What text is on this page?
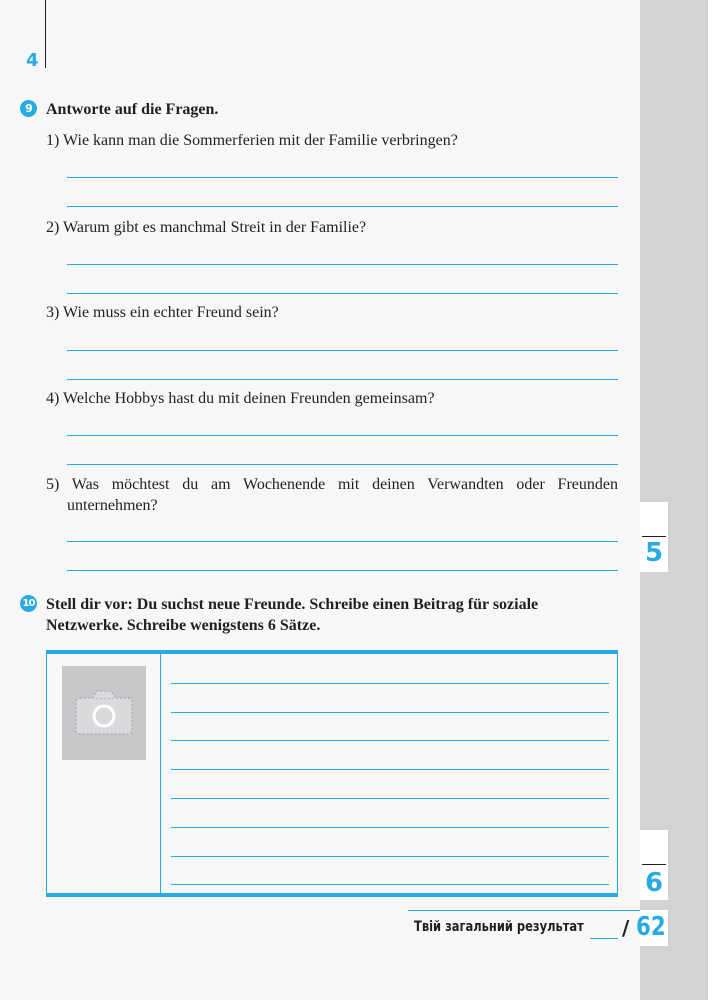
4
9 Antworte auf die Fragen.
1) Wie kann man die Sommerferien mit der Familie verbringen?
2) Warum gibt es manchmal Streit in der Familie?
3) Wie muss ein echter Freund sein?
4) Welche Hobbys hast du mit deinen Freunden gemeinsam?
5) Was möchtest du am Wochenende mit deinen Verwandten oder Freunden
unternehmen?
5
10 Stell dir vor: Du suchst neue Freunde. Schreibe einen Beitrag für soziale
Netzwerke. Schreibe wenigstens 6 Sätze.
6
Твій загальний результат / 62
